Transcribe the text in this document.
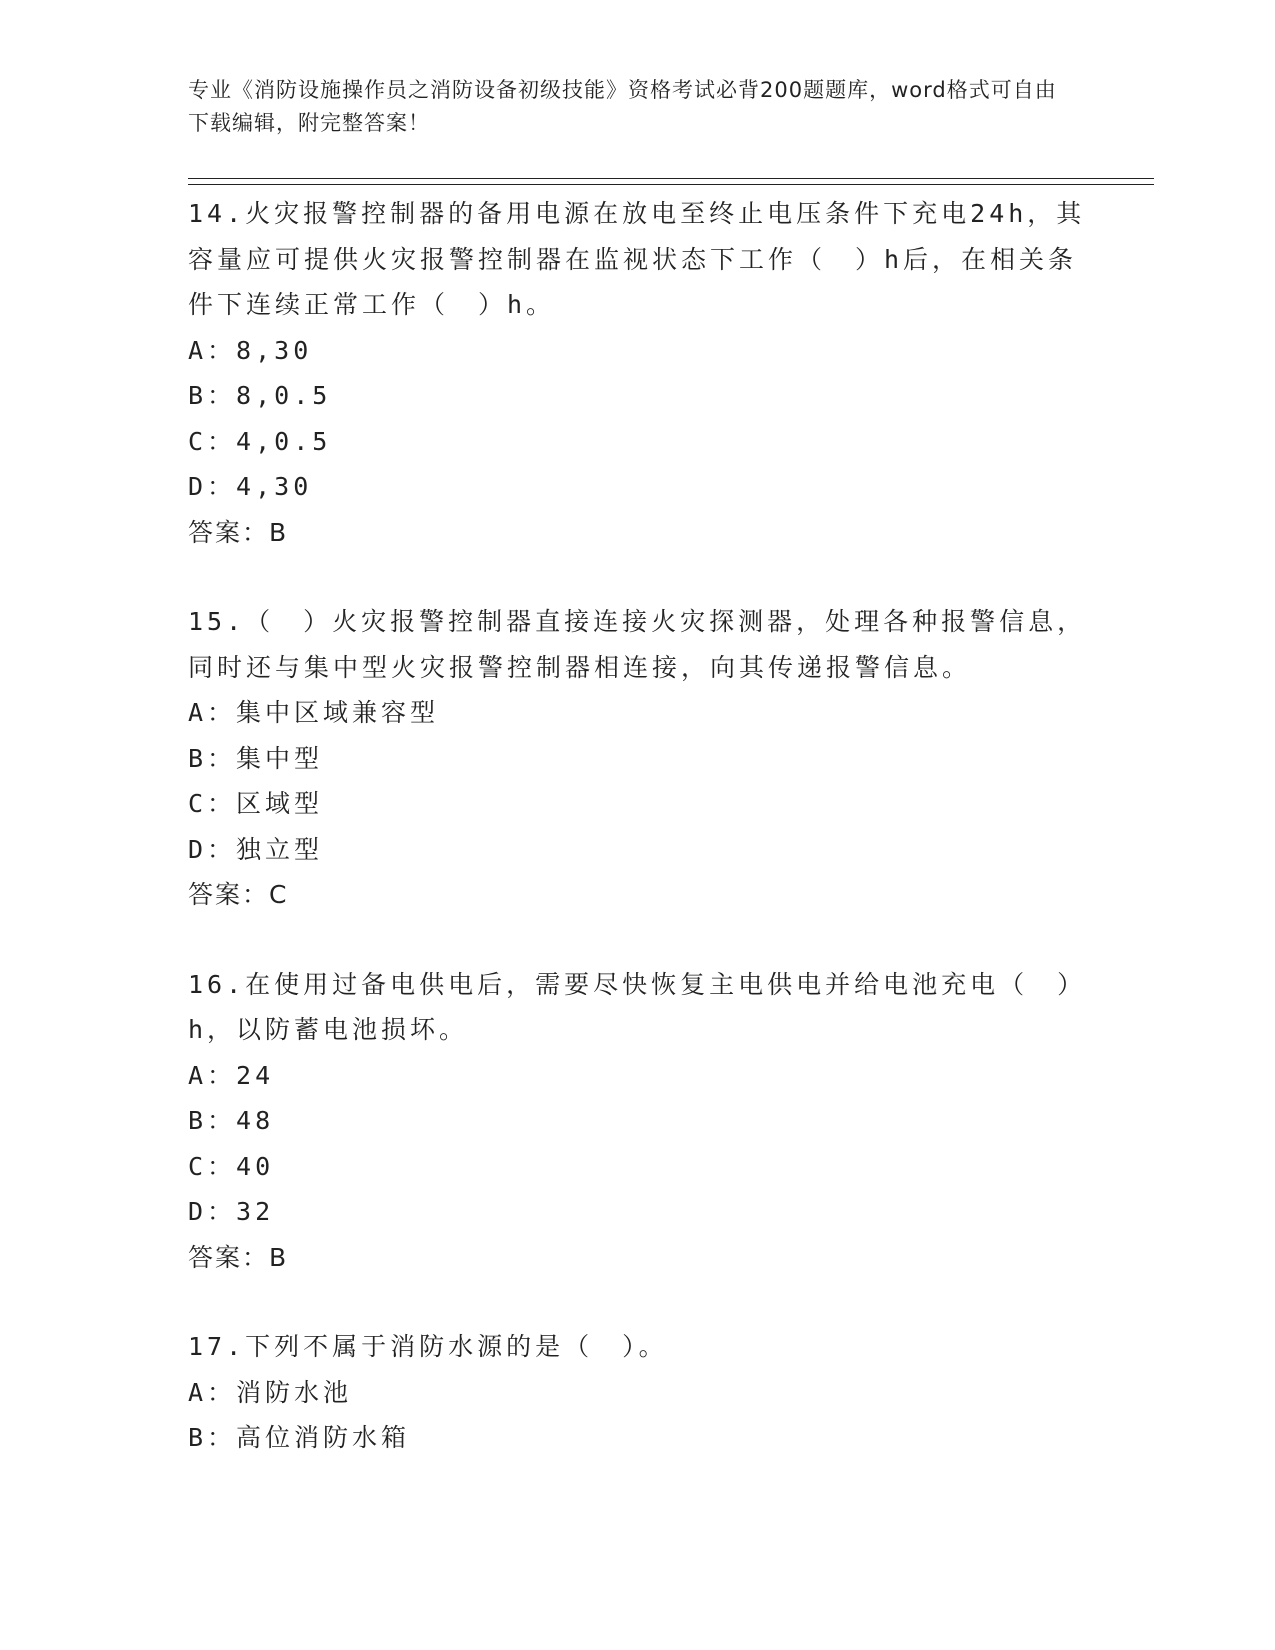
专业《消防设施操作员之消防设备初级技能》资格考试必背200题题库，word格式可自由下载编辑，附完整答案！
14.火灾报警控制器的备用电源在放电至终止电压条件下充电24h，其容量应可提供火灾报警控制器在监视状态下工作（　）h后，在相关条件下连续正常工作（　）h。
A：8,30
B：8,0.5
C：4,0.5
D：4,30
答案：B
15.（　）火灾报警控制器直接连接火灾探测器，处理各种报警信息，同时还与集中型火灾报警控制器相连接，向其传递报警信息。
A：集中区域兼容型
B：集中型
C：区域型
D：独立型
答案：C
16.在使用过备电供电后，需要尽快恢复主电供电并给电池充电（　）h，以防蓄电池损坏。
A：24
B：48
C：40
D：32
答案：B
17.下列不属于消防水源的是（　）。
A：消防水池
B：高位消防水箱
